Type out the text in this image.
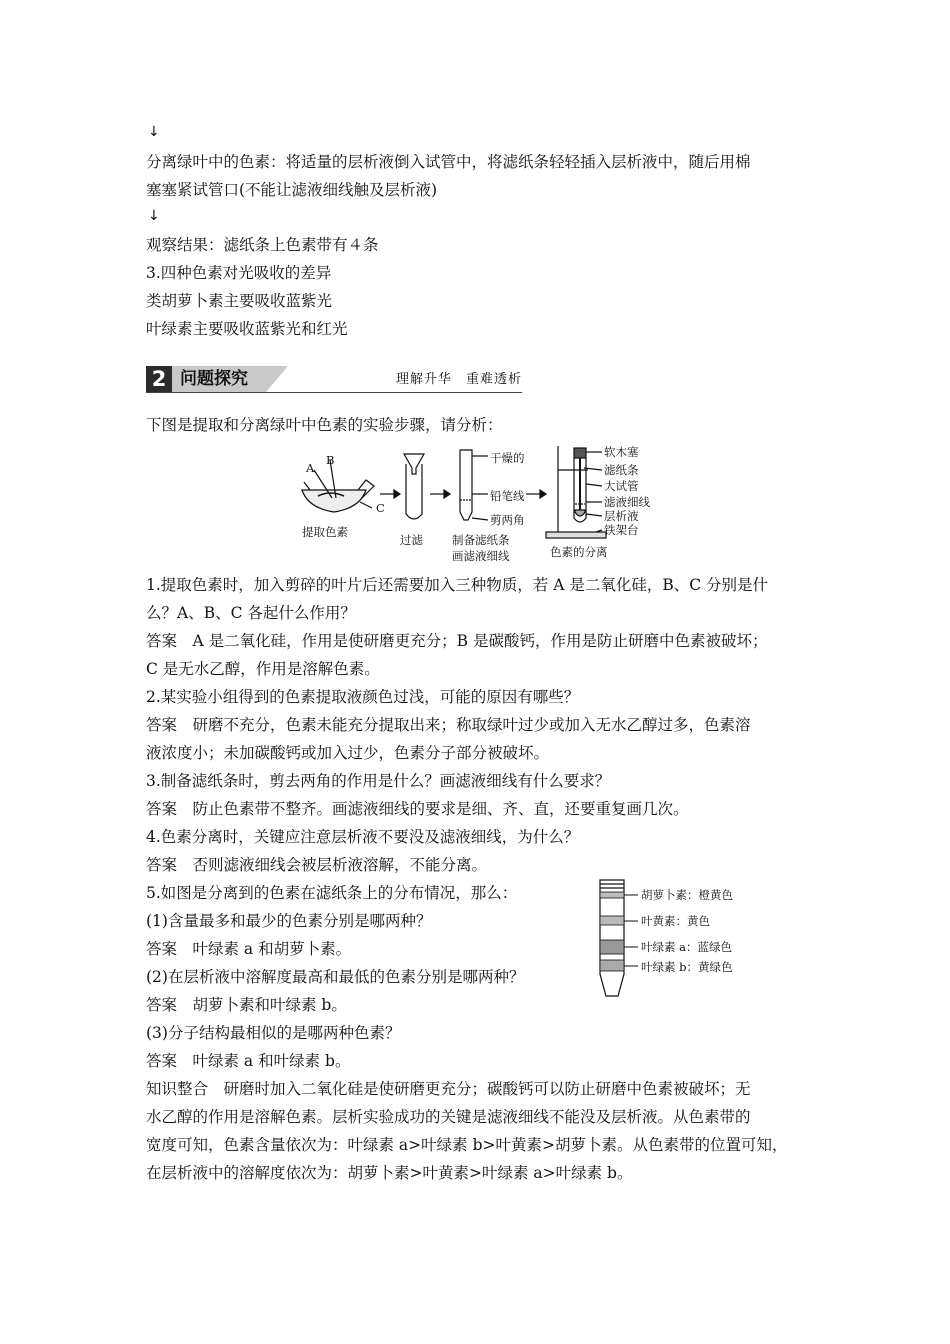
↓
分离绿叶中的色素：将适量的层析液倒入试管中，将滤纸条轻轻插入层析液中，随后用棉
塞塞紧试管口(不能让滤液细线触及层析液)
↓
观察结果：滤纸条上色素带有４条
3.四种色素对光吸收的差异
类胡萝卜素主要吸收蓝紫光
叶绿素主要吸收蓝紫光和红光
2 问题探究	理解升华　重难透析
下图是提取和分离绿叶中色素的实验步骤，请分析：
A
B
C
提取色素
过滤
干燥的
铅笔线
剪两角
制备滤纸条
画滤液细线
软木塞
滤纸条
大试管
滤液细线
层析液
铁架台
色素的分离
1.提取色素时，加入剪碎的叶片后还需要加入三种物质，若 A 是二氧化硅，B、C 分别是什
么？A、B、C 各起什么作用？
答案　A 是二氧化硅，作用是使研磨更充分；B 是碳酸钙，作用是防止研磨中色素被破坏；
C 是无水乙醇，作用是溶解色素。
2.某实验小组得到的色素提取液颜色过浅，可能的原因有哪些？
答案　研磨不充分，色素未能充分提取出来；称取绿叶过少或加入无水乙醇过多，色素溶
液浓度小；未加碳酸钙或加入过少，色素分子部分被破坏。
3.制备滤纸条时，剪去两角的作用是什么？画滤液细线有什么要求？
答案　防止色素带不整齐。画滤液细线的要求是细、齐、直，还要重复画几次。
4.色素分离时，关键应注意层析液不要没及滤液细线，为什么？
答案　否则滤液细线会被层析液溶解，不能分离。
5.如图是分离到的色素在滤纸条上的分布情况，那么：
(1)含量最多和最少的色素分别是哪两种？
答案　叶绿素 a 和胡萝卜素。
(2)在层析液中溶解度最高和最低的色素分别是哪两种？
答案　胡萝卜素和叶绿素 b。
(3)分子结构最相似的是哪两种色素？
答案　叶绿素 a 和叶绿素 b。
胡萝卜素：橙黄色
叶黄素：黄色
叶绿素 a：蓝绿色
叶绿素 b：黄绿色
知识整合　研磨时加入二氧化硅是使研磨更充分；碳酸钙可以防止研磨中色素被破坏；无
水乙醇的作用是溶解色素。层析实验成功的关键是滤液细线不能没及层析液。从色素带的
宽度可知，色素含量依次为：叶绿素 a>叶绿素 b>叶黄素>胡萝卜素。从色素带的位置可知，
在层析液中的溶解度依次为：胡萝卜素>叶黄素>叶绿素 a>叶绿素 b。
